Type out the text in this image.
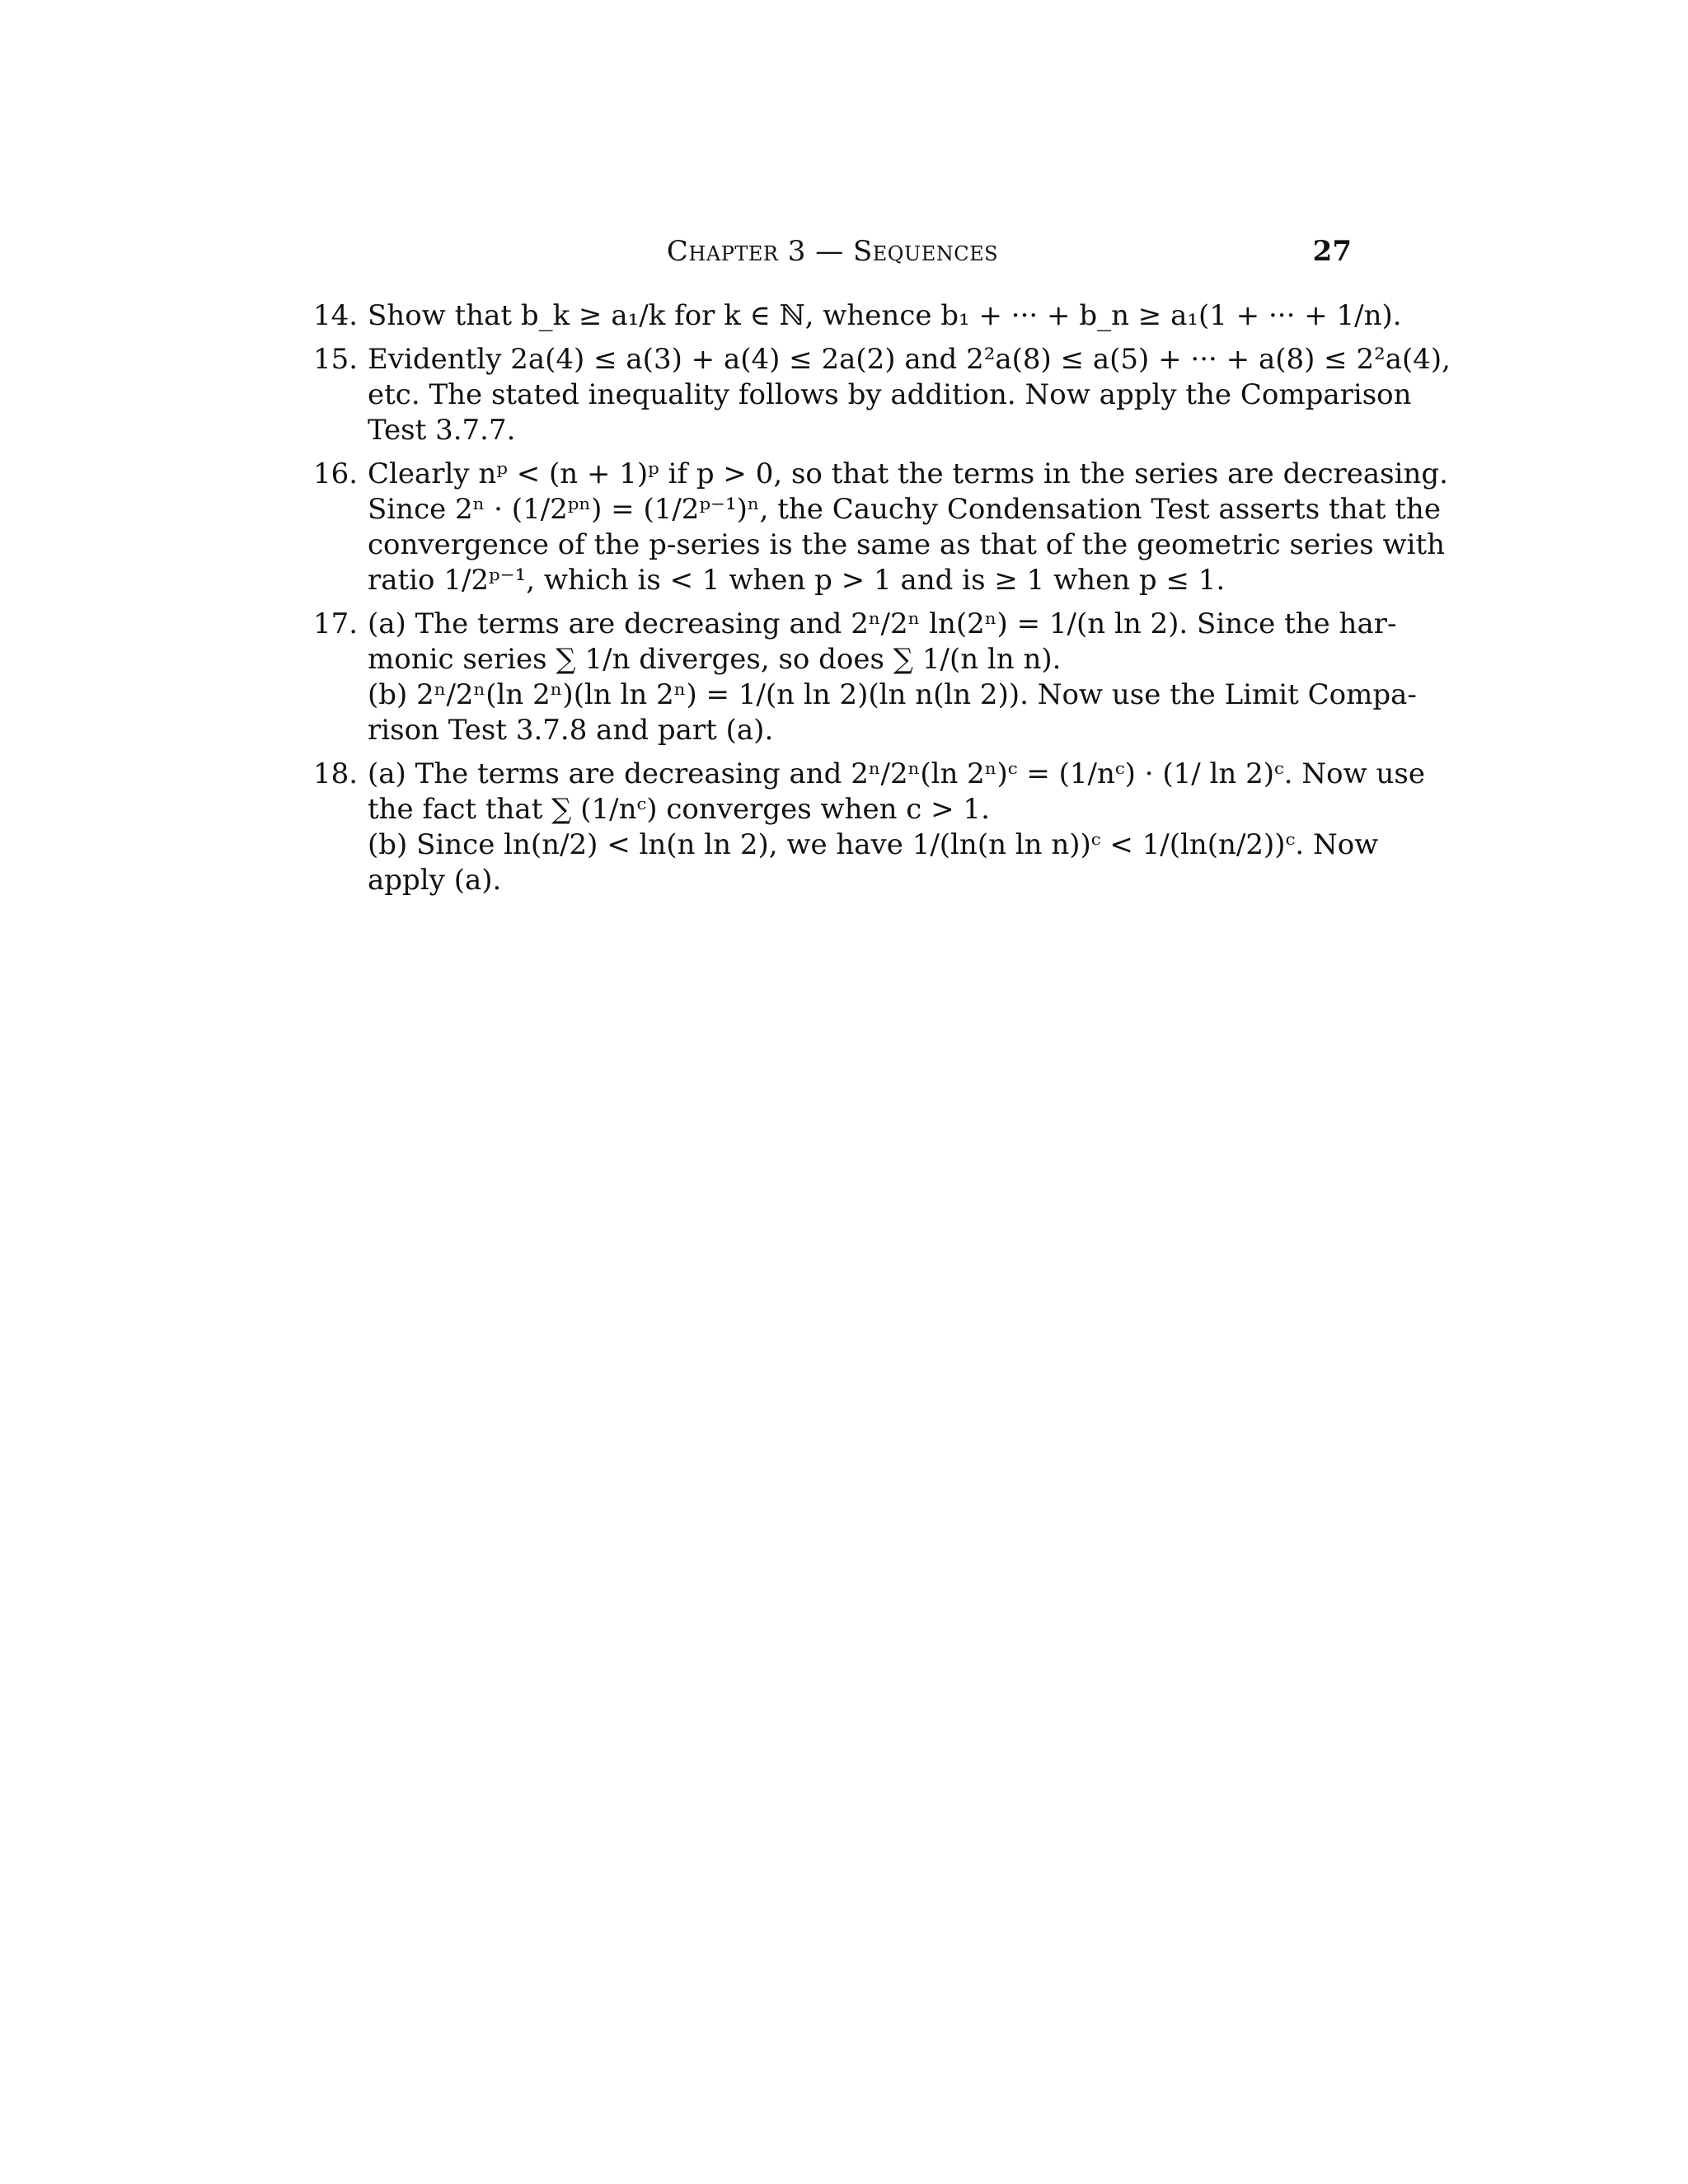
Chapter 3 — Sequences	27
14. Show that b_k ≥ a₁/k for k ∈ ℕ, whence b₁ + ··· + b_n ≥ a₁(1 + ··· + 1/n).
15. Evidently 2a(4) ≤ a(3) + a(4) ≤ 2a(2) and 2²a(8) ≤ a(5) + ··· + a(8) ≤ 2²a(4),
etc. The stated inequality follows by addition. Now apply the Comparison
Test 3.7.7.
16. Clearly nᵖ < (n + 1)ᵖ if p > 0, so that the terms in the series are decreasing.
Since 2ⁿ · (1/2ᵖⁿ) = (1/2ᵖ⁻¹)ⁿ, the Cauchy Condensation Test asserts that the
convergence of the p-series is the same as that of the geometric series with
ratio 1/2ᵖ⁻¹, which is < 1 when p > 1 and is ≥ 1 when p ≤ 1.
17. (a) The terms are decreasing and 2ⁿ/2ⁿ ln(2ⁿ) = 1/(n ln 2). Since the har-
monic series ∑ 1/n diverges, so does ∑ 1/(n ln n).
(b) 2ⁿ/2ⁿ(ln 2ⁿ)(ln ln 2ⁿ) = 1/(n ln 2)(ln n(ln 2)). Now use the Limit Compa-
rison Test 3.7.8 and part (a).
18. (a) The terms are decreasing and 2ⁿ/2ⁿ(ln 2ⁿ)ᶜ = (1/nᶜ) · (1/ ln 2)ᶜ. Now use
the fact that ∑ (1/nᶜ) converges when c > 1.
(b) Since ln(n/2) < ln(n ln 2), we have 1/(ln(n ln n))ᶜ < 1/(ln(n/2))ᶜ. Now
apply (a).
